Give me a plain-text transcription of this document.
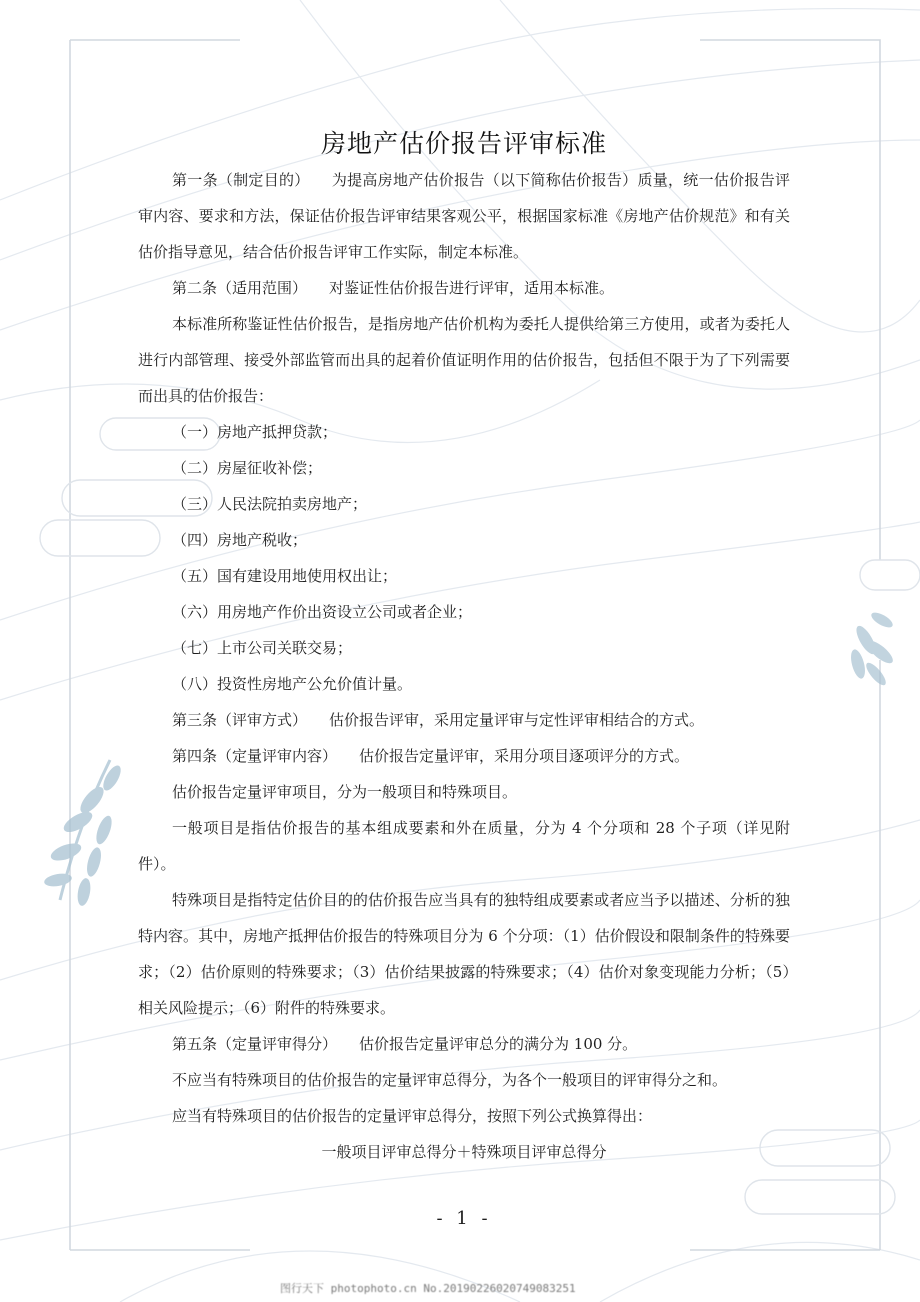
房地产估价报告评审标准

第一条（制定目的） 为提高房地产估价报告（以下简称估价报告）质量，统一估价报告评审内容、要求和方法，保证估价报告评审结果客观公平，根据国家标准《房地产估价规范》和有关估价指导意见，结合估价报告评审工作实际，制定本标准。

第二条（适用范围） 对鉴证性估价报告进行评审，适用本标准。

本标准所称鉴证性估价报告，是指房地产估价机构为委托人提供给第三方使用，或者为委托人进行内部管理、接受外部监管而出具的起着价值证明作用的估价报告，包括但不限于为了下列需要而出具的估价报告：

（一）房地产抵押贷款；

（二）房屋征收补偿；

（三）人民法院拍卖房地产；

（四）房地产税收；

（五）国有建设用地使用权出让；

（六）用房地产作价出资设立公司或者企业；

（七）上市公司关联交易；

（八）投资性房地产公允价值计量。

第三条（评审方式） 估价报告评审，采用定量评审与定性评审相结合的方式。

第四条（定量评审内容） 估价报告定量评审，采用分项目逐项评分的方式。

估价报告定量评审项目，分为一般项目和特殊项目。

一般项目是指估价报告的基本组成要素和外在质量，分为 4 个分项和 28 个子项（详见附件）。

特殊项目是指特定估价目的的估价报告应当具有的独特组成要素或者应当予以描述、分析的独特内容。其中，房地产抵押估价报告的特殊项目分为 6 个分项：（1）估价假设和限制条件的特殊要求；（2）估价原则的特殊要求；（3）估价结果披露的特殊要求；（4）估价对象变现能力分析；（5）相关风险提示；（6）附件的特殊要求。

第五条（定量评审得分） 估价报告定量评审总分的满分为 100 分。

不应当有特殊项目的估价报告的定量评审总得分，为各个一般项目的评审得分之和。

应当有特殊项目的估价报告的定量评审总得分，按照下列公式换算得出：

一般项目评审总得分＋特殊项目评审总得分

- 1 -
图行天下 photophoto.cn No.20190226020749083251
